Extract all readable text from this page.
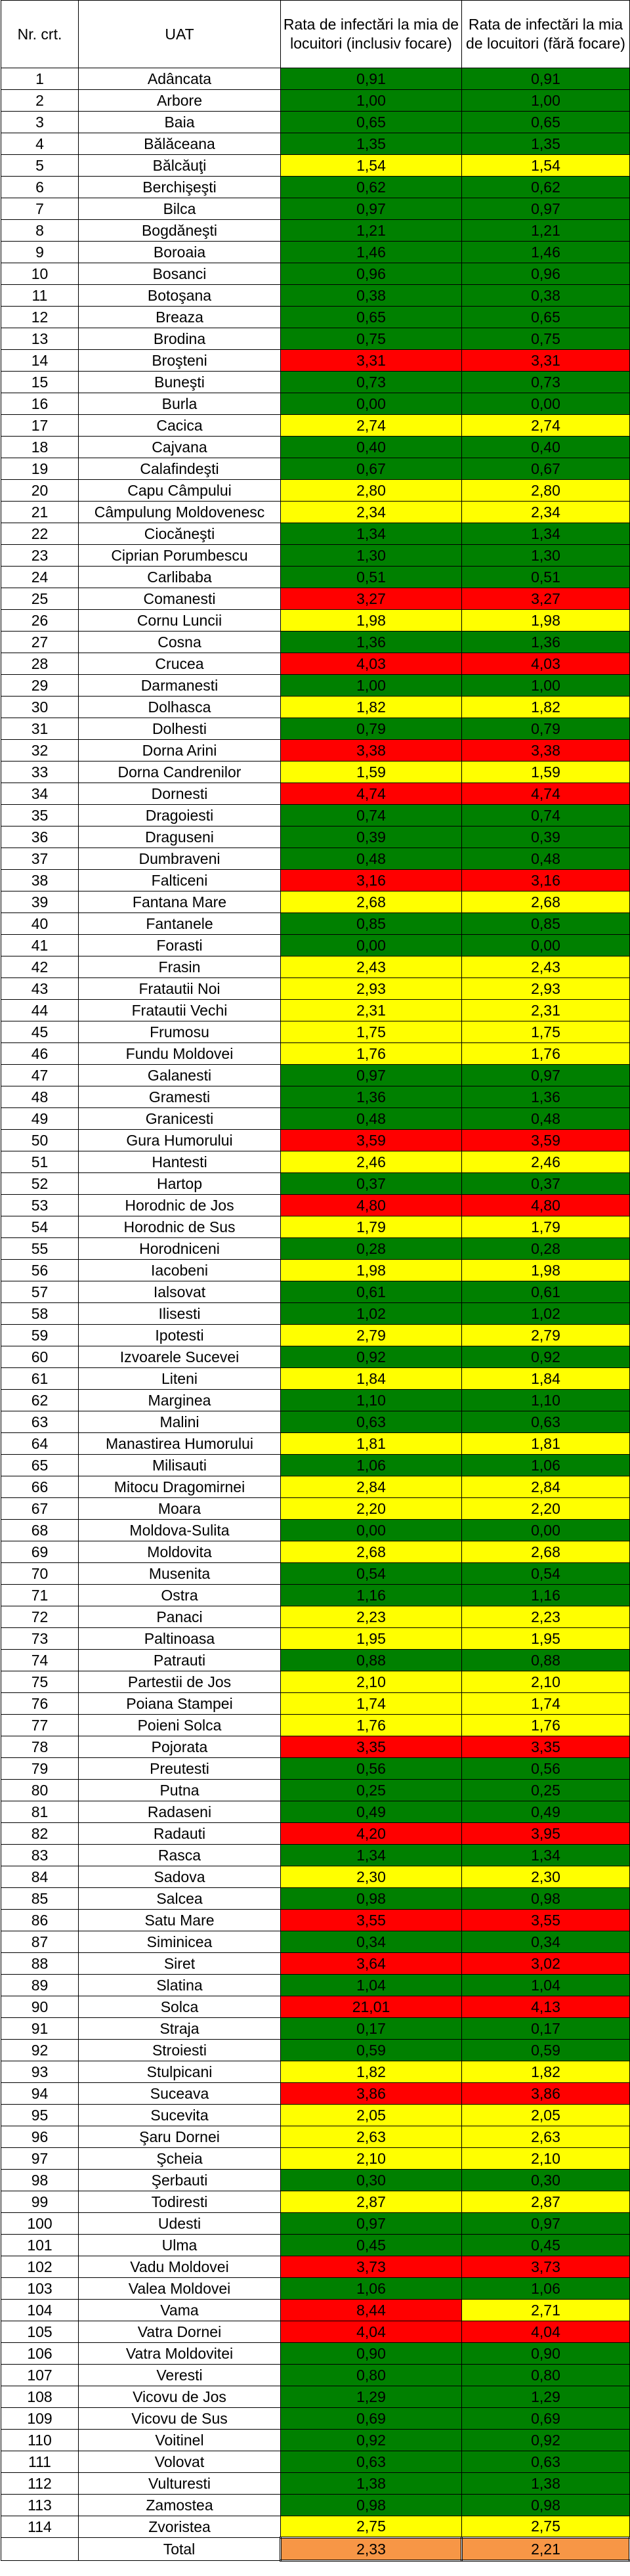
Nr. crt.	UAT	Rata de infectări la mia de locuitori (inclusiv focare)	Rata de infectări la mia de locuitori (fără focare)
1	Adâncata	0,91	0,91
2	Arbore	1,00	1,00
3	Baia	0,65	0,65
4	Bălăceana	1,35	1,35
5	Bălcăuţi	1,54	1,54
6	Berchişeşti	0,62	0,62
7	Bilca	0,97	0,97
8	Bogdăneşti	1,21	1,21
9	Boroaia	1,46	1,46
10	Bosanci	0,96	0,96
11	Botoşana	0,38	0,38
12	Breaza	0,65	0,65
13	Brodina	0,75	0,75
14	Broşteni	3,31	3,31
15	Buneşti	0,73	0,73
16	Burla	0,00	0,00
17	Cacica	2,74	2,74
18	Cajvana	0,40	0,40
19	Calafindeşti	0,67	0,67
20	Capu Câmpului	2,80	2,80
21	Câmpulung Moldovenesc	2,34	2,34
22	Ciocăneşti	1,34	1,34
23	Ciprian Porumbescu	1,30	1,30
24	Carlibaba	0,51	0,51
25	Comanesti	3,27	3,27
26	Cornu Luncii	1,98	1,98
27	Cosna	1,36	1,36
28	Crucea	4,03	4,03
29	Darmanesti	1,00	1,00
30	Dolhasca	1,82	1,82
31	Dolhesti	0,79	0,79
32	Dorna Arini	3,38	3,38
33	Dorna Candrenilor	1,59	1,59
34	Dornesti	4,74	4,74
35	Dragoiesti	0,74	0,74
36	Draguseni	0,39	0,39
37	Dumbraveni	0,48	0,48
38	Falticeni	3,16	3,16
39	Fantana Mare	2,68	2,68
40	Fantanele	0,85	0,85
41	Forasti	0,00	0,00
42	Frasin	2,43	2,43
43	Fratautii Noi	2,93	2,93
44	Fratautii Vechi	2,31	2,31
45	Frumosu	1,75	1,75
46	Fundu Moldovei	1,76	1,76
47	Galanesti	0,97	0,97
48	Gramesti	1,36	1,36
49	Granicesti	0,48	0,48
50	Gura Humorului	3,59	3,59
51	Hantesti	2,46	2,46
52	Hartop	0,37	0,37
53	Horodnic de Jos	4,80	4,80
54	Horodnic de Sus	1,79	1,79
55	Horodniceni	0,28	0,28
56	Iacobeni	1,98	1,98
57	Ialsovat	0,61	0,61
58	Ilisesti	1,02	1,02
59	Ipotesti	2,79	2,79
60	Izvoarele Sucevei	0,92	0,92
61	Liteni	1,84	1,84
62	Marginea	1,10	1,10
63	Malini	0,63	0,63
64	Manastirea Humorului	1,81	1,81
65	Milisauti	1,06	1,06
66	Mitocu Dragomirnei	2,84	2,84
67	Moara	2,20	2,20
68	Moldova-Sulita	0,00	0,00
69	Moldovita	2,68	2,68
70	Musenita	0,54	0,54
71	Ostra	1,16	1,16
72	Panaci	2,23	2,23
73	Paltinoasa	1,95	1,95
74	Patrauti	0,88	0,88
75	Partestii de Jos	2,10	2,10
76	Poiana Stampei	1,74	1,74
77	Poieni Solca	1,76	1,76
78	Pojorata	3,35	3,35
79	Preutesti	0,56	0,56
80	Putna	0,25	0,25
81	Radaseni	0,49	0,49
82	Radauti	4,20	3,95
83	Rasca	1,34	1,34
84	Sadova	2,30	2,30
85	Salcea	0,98	0,98
86	Satu Mare	3,55	3,55
87	Siminicea	0,34	0,34
88	Siret	3,64	3,02
89	Slatina	1,04	1,04
90	Solca	21,01	4,13
91	Straja	0,17	0,17
92	Stroiesti	0,59	0,59
93	Stulpicani	1,82	1,82
94	Suceava	3,86	3,86
95	Sucevita	2,05	2,05
96	Şaru Dornei	2,63	2,63
97	Şcheia	2,10	2,10
98	Şerbauti	0,30	0,30
99	Todiresti	2,87	2,87
100	Udesti	0,97	0,97
101	Ulma	0,45	0,45
102	Vadu Moldovei	3,73	3,73
103	Valea Moldovei	1,06	1,06
104	Vama	8,44	2,71
105	Vatra Dornei	4,04	4,04
106	Vatra Moldovitei	0,90	0,90
107	Veresti	0,80	0,80
108	Vicovu de Jos	1,29	1,29
109	Vicovu de Sus	0,69	0,69
110	Voitinel	0,92	0,92
111	Volovat	0,63	0,63
112	Vulturesti	1,38	1,38
113	Zamostea	0,98	0,98
114	Zvoristea	2,75	2,75
	Total	2,33	2,21
